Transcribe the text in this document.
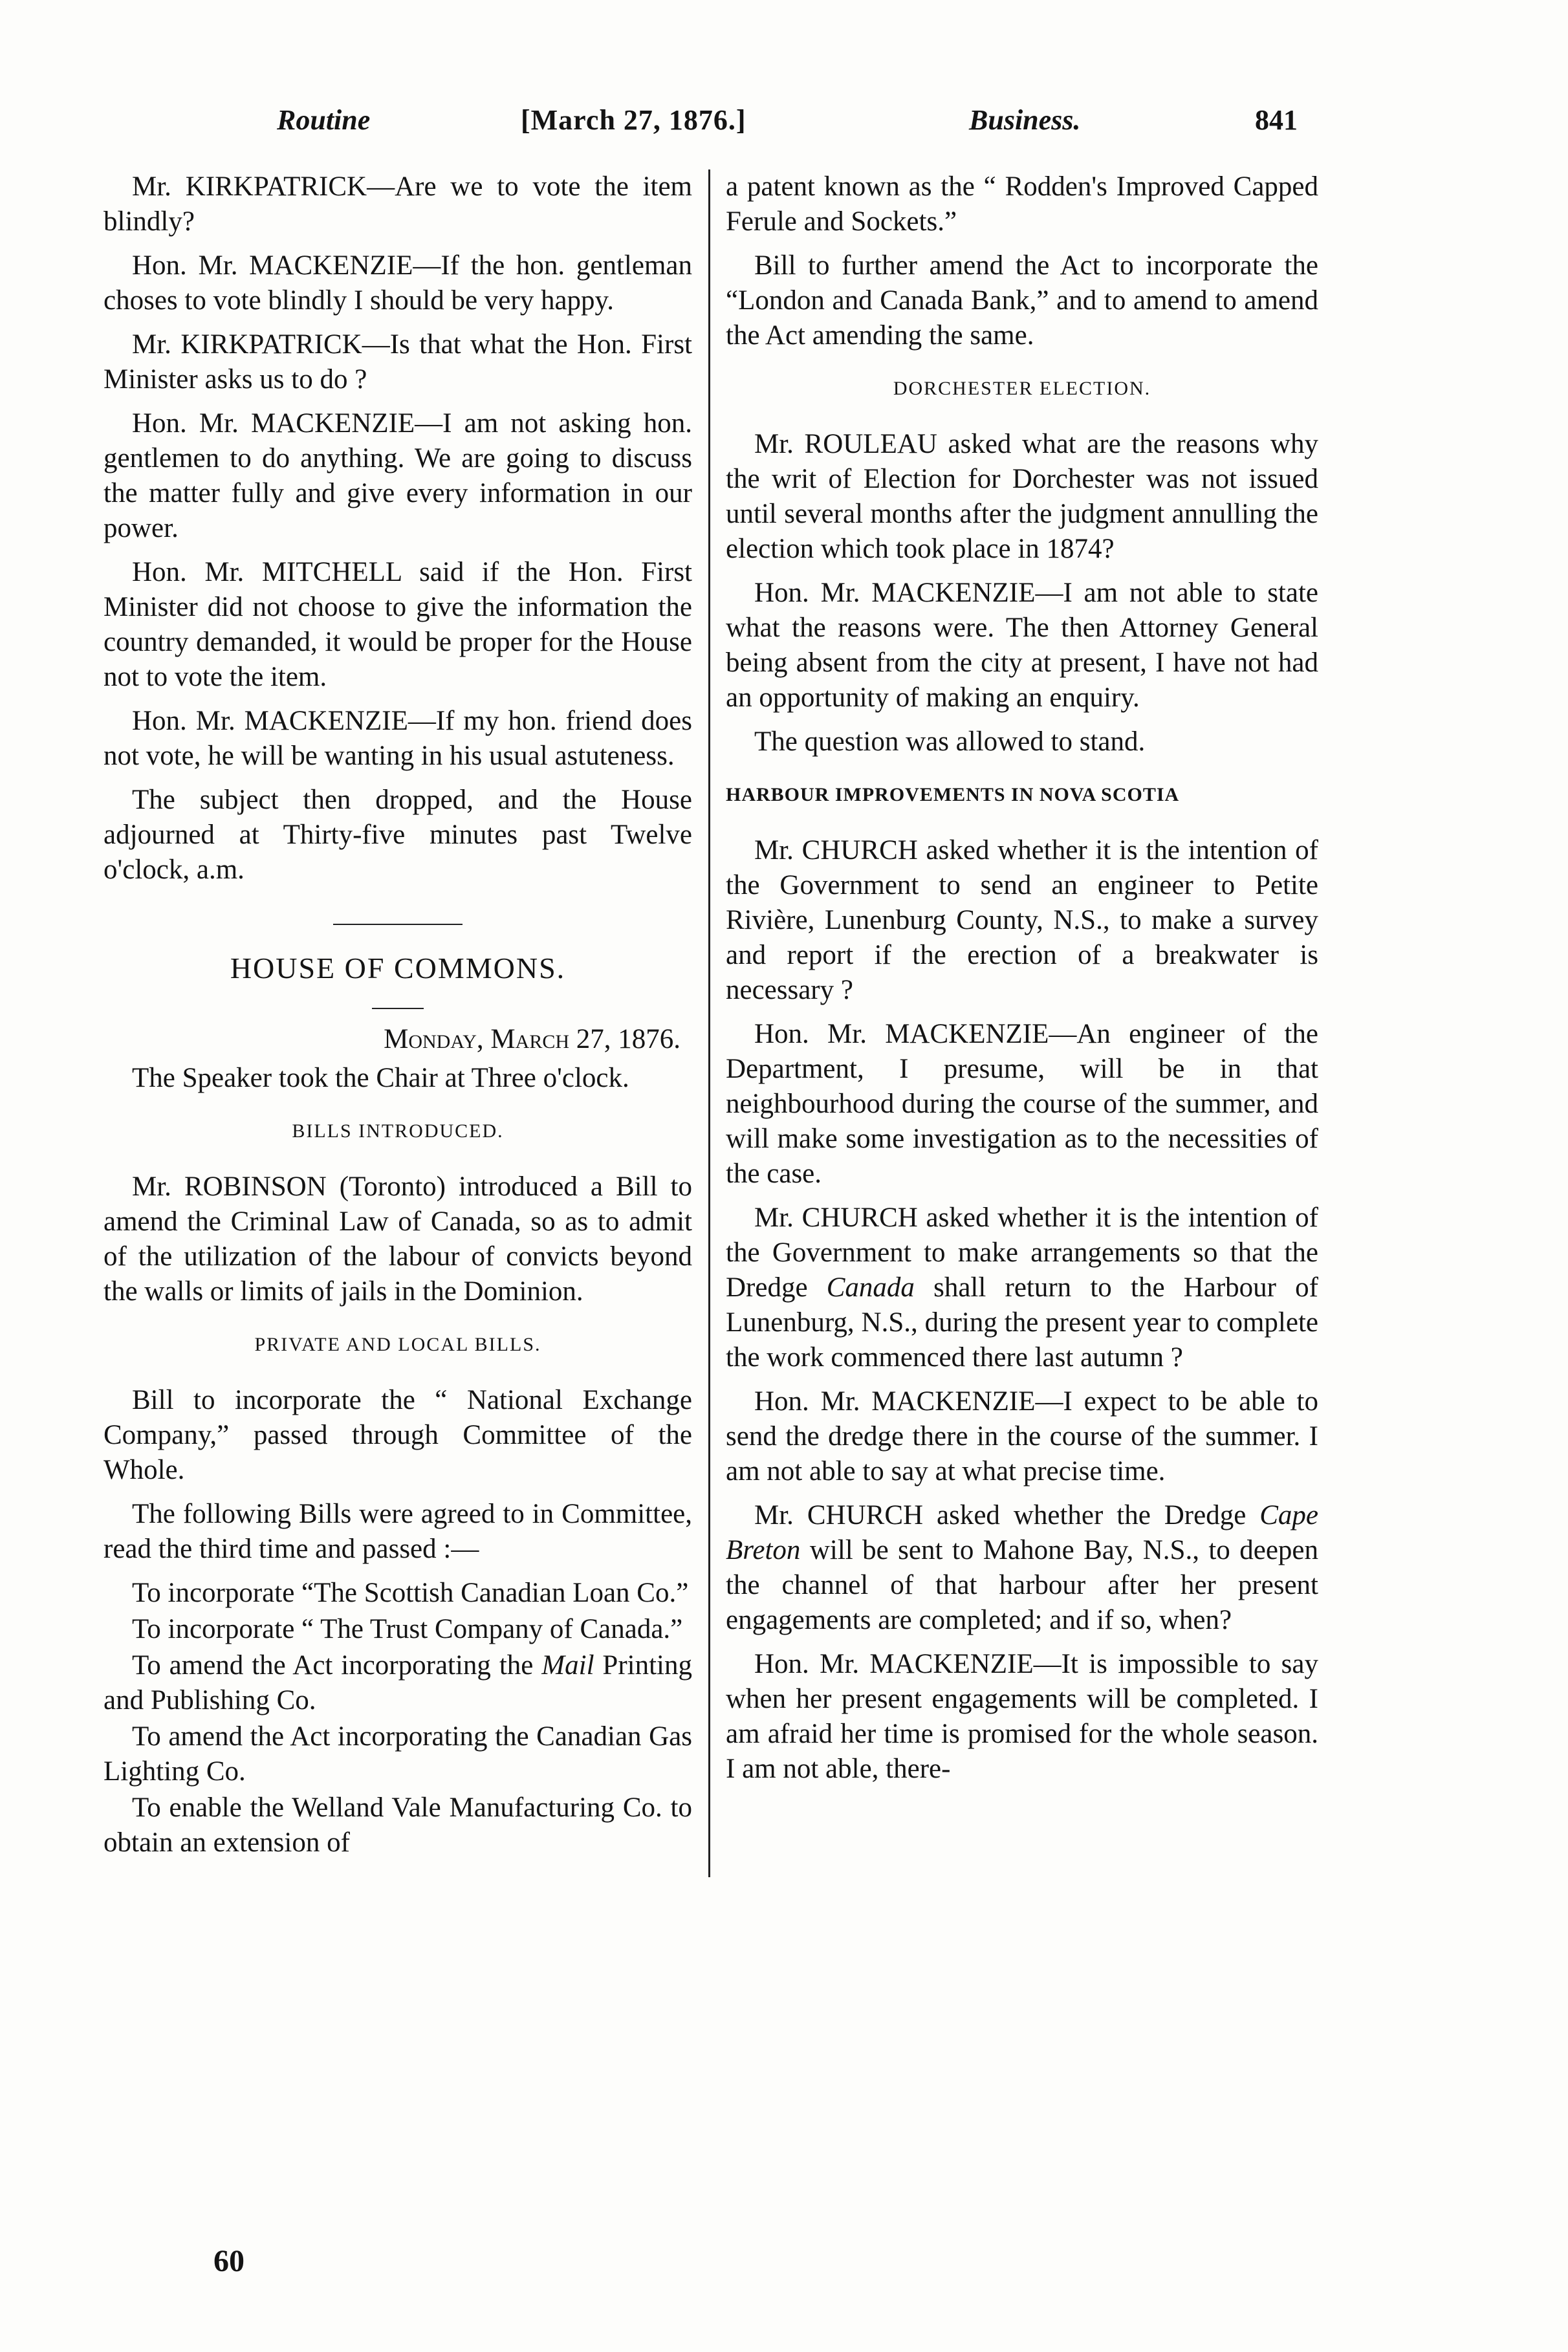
Routine	[March 27, 1876.]	Business.	841

Mr. KIRKPATRICK—Are we to vote the item blindly?

Hon. Mr. MACKENZIE—If the hon. gentleman choses to vote blindly I should be very happy.

Mr. KIRKPATRICK—Is that what the Hon. First Minister asks us to do ?

Hon. Mr. MACKENZIE—I am not asking hon. gentlemen to do anything. We are going to discuss the matter fully and give every information in our power.

Hon. Mr. MITCHELL said if the Hon. First Minister did not choose to give the information the country demanded, it would be proper for the House not to vote the item.

Hon. Mr. MACKENZIE—If my hon. friend does not vote, he will be wanting in his usual astuteness.

The subject then dropped, and the House adjourned at Thirty-five minutes past Twelve o'clock, a.m.

HOUSE OF COMMONS.

Monday, March 27, 1876.

The Speaker took the Chair at Three o'clock.

BILLS INTRODUCED.

Mr. ROBINSON (Toronto) introduced a Bill to amend the Criminal Law of Canada, so as to admit of the utilization of the labour of convicts beyond the walls or limits of jails in the Dominion.

PRIVATE AND LOCAL BILLS.

Bill to incorporate the “ National Exchange Company,” passed through Committee of the Whole.

The following Bills were agreed to in Committee, read the third time and passed :—

To incorporate “The Scottish Canadian Loan Co.”

To incorporate “ The Trust Company of Canada.”

To amend the Act incorporating the Mail Printing and Publishing Co.

To amend the Act incorporating the Canadian Gas Lighting Co.

To enable the Welland Vale Manufacturing Co. to obtain an extension of

a patent known as the “ Rodden's Improved Capped Ferule and Sockets.”

Bill to further amend the Act to incorporate the “London and Canada Bank,” and to amend to amend the Act amending the same.

DORCHESTER ELECTION.

Mr. ROULEAU asked what are the reasons why the writ of Election for Dorchester was not issued until several months after the judgment annulling the election which took place in 1874?

Hon. Mr. MACKENZIE—I am not able to state what the reasons were. The then Attorney General being absent from the city at present, I have not had an opportunity of making an enquiry.

The question was allowed to stand.

HARBOUR IMPROVEMENTS IN NOVA SCOTIA

Mr. CHURCH asked whether it is the intention of the Government to send an engineer to Petite Rivière, Lunenburg County, N.S., to make a survey and report if the erection of a breakwater is necessary ?

Hon. Mr. MACKENZIE—An engineer of the Department, I presume, will be in that neighbourhood during the course of the summer, and will make some investigation as to the necessities of the case.

Mr. CHURCH asked whether it is the intention of the Government to make arrangements so that the Dredge Canada shall return to the Harbour of Lunenburg, N.S., during the present year to complete the work commenced there last autumn ?

Hon. Mr. MACKENZIE—I expect to be able to send the dredge there in the course of the summer. I am not able to say at what precise time.

Mr. CHURCH asked whether the Dredge Cape Breton will be sent to Mahone Bay, N.S., to deepen the channel of that harbour after her present engagements are completed; and if so, when?

Hon. Mr. MACKENZIE—It is impossible to say when her present engagements will be completed. I am afraid her time is promised for the whole season. I am not able, there-

60
